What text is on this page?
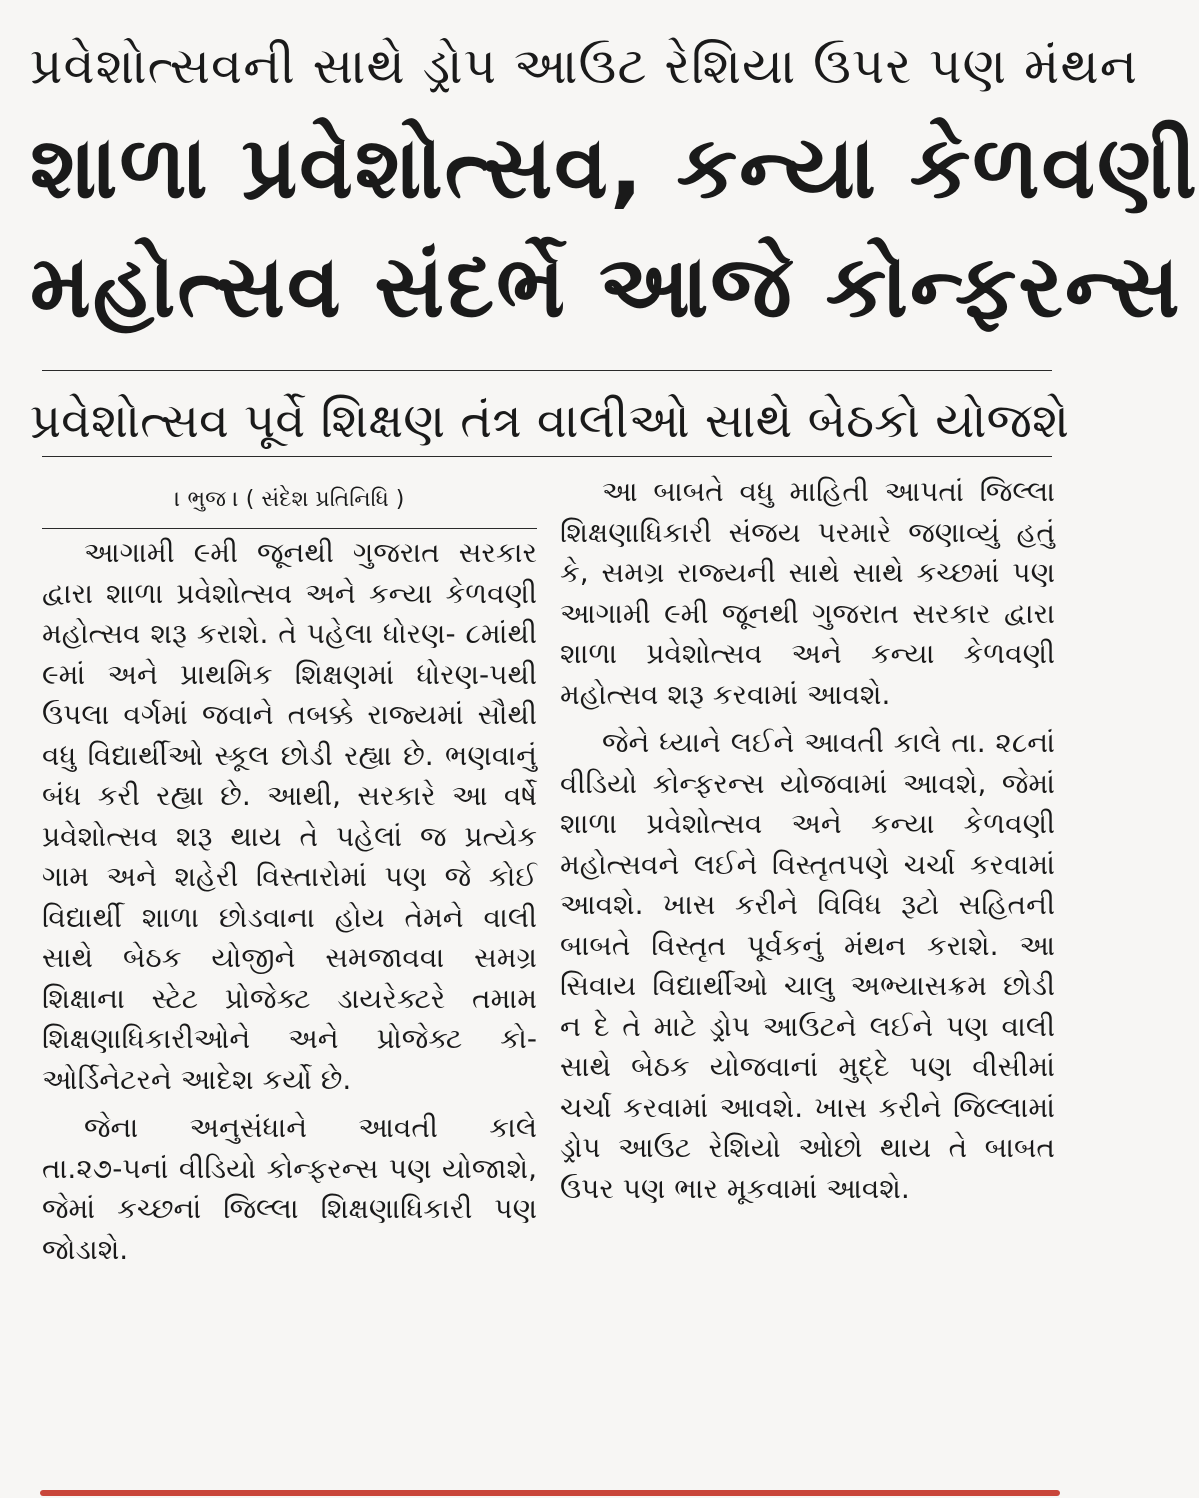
પ્રવેશોત્સવની સાથે ડ્રોપ આઉટ રેશિયા ઉપર પણ મંથન
શાળા પ્રવેશોત્સવ, કન્યા કેળવણી
મહોત્સવ સંદર્ભે આજે કોન્ફરન્સ
પ્રવેશોત્સવ પૂર્વે શિક્ષણ તંત્ર વાલીઓ સાથે બેઠકો યોજશે
। ભુજ । ( સંદેશ પ્રતિનિધિ )

આગામી ૯મી જૂનથી ગુજરાત સરકાર દ્વારા શાળા પ્રવેશોત્સવ અને કન્યા કેળવણી મહોત્સવ શરૂ કરાશે. તે પહેલા ધોરણ- ૮માંથી ૯માં અને પ્રાથમિક શિક્ષણમાં ધોરણ-૫થી ઉપલા વર્ગમાં જવાને તબક્કે રાજ્યમાં સૌથી વધુ વિદ્યાર્થીઓ સ્કૂલ છોડી રહ્યા છે. ભણવાનું બંધ કરી રહ્યા છે. આથી, સરકારે આ વર્ષે પ્રવેશોત્સવ શરૂ થાય તે પહેલાં જ પ્રત્યેક ગામ અને શહેરી વિસ્તારોમાં પણ જે કોઈ વિદ્યાર્થી શાળા છોડવાના હોય તેમને વાલી સાથે બેઠક યોજીને સમજાવવા સમગ્ર શિક્ષાના સ્ટેટ પ્રોજેક્ટ ડાયરેક્ટરે તમામ શિક્ષણાધિકારીઓને અને પ્રોજેક્ટ કો-ઓર્ડિનેટરને આદેશ કર્યો છે.

જેના અનુસંધાને આવતી કાલે તા.૨૭-૫નાં વીડિયો કોન્ફરન્સ પણ યોજાશે, જેમાં કચ્છનાં જિલ્લા શિક્ષણાધિકારી પણ જોડાશે.

આ બાબતે વધુ માહિતી આપતાં જિલ્લા શિક્ષણાધિકારી સંજય પરમારે જણાવ્યું હતું કે, સમગ્ર રાજ્યની સાથે સાથે કચ્છમાં પણ આગામી ૯મી જૂનથી ગુજરાત સરકાર દ્વારા શાળા પ્રવેશોત્સવ અને કન્યા કેળવણી મહોત્સવ શરૂ કરવામાં આવશે.

જેને ધ્યાને લઈને આવતી કાલે તા. ૨૮નાં વીડિયો કોન્ફરન્સ યોજવામાં આવશે, જેમાં શાળા પ્રવેશોત્સવ અને કન્યા કેળવણી મહોત્સવને લઈને વિસ્તૃતપણે ચર્ચા કરવામાં આવશે. ખાસ કરીને વિવિધ રૂટો સહિતની બાબતે વિસ્તૃત પૂર્વકનું મંથન કરાશે. આ સિવાય વિદ્યાર્થીઓ ચાલુ અભ્યાસક્રમ છોડી ન દે તે માટે ડ્રોપ આઉટને લઈને પણ વાલી સાથે બેઠક યોજવાનાં મુદ્દે પણ વીસીમાં ચર્ચા કરવામાં આવશે. ખાસ કરીને જિલ્લામાં ડ્રોપ આઉટ રેશિયો ઓછો થાય તે બાબત ઉપર પણ ભાર મૂકવામાં આવશે.
